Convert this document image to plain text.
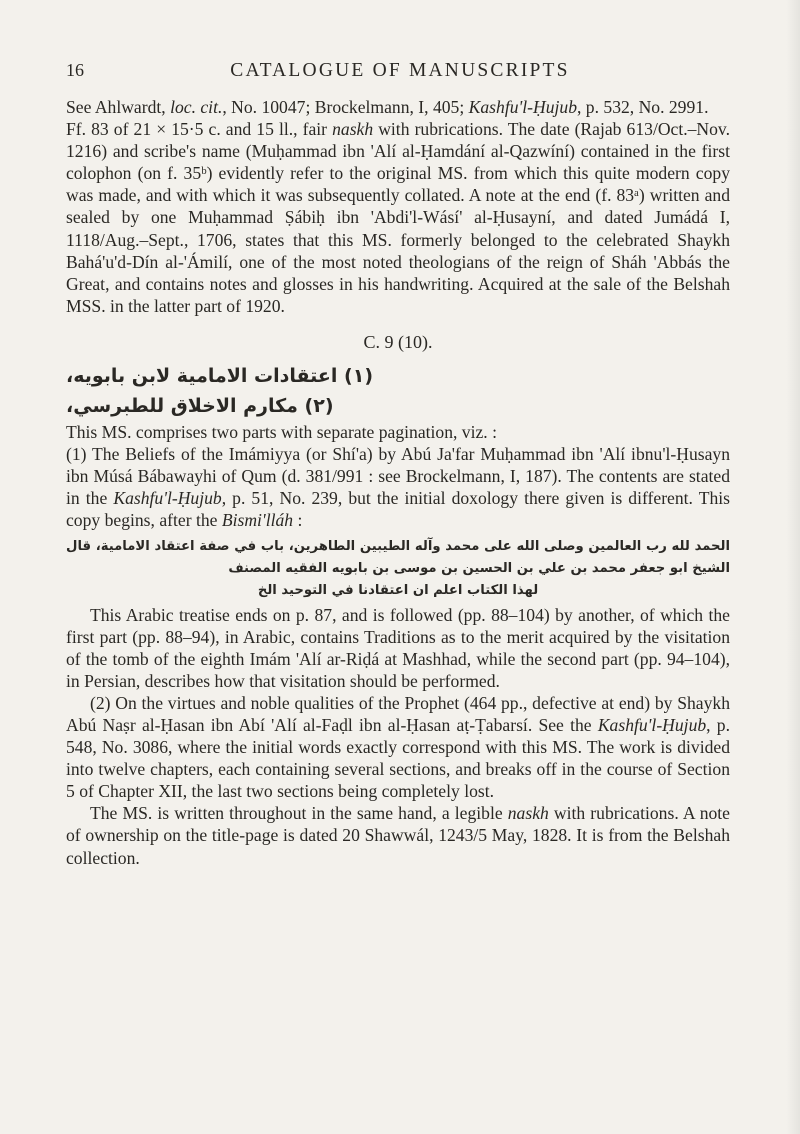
16	CATALOGUE OF MANUSCRIPTS

See Ahlwardt, loc. cit., No. 10047; Brockelmann, I, 405; Kashfu'l-Ḥujub, p. 532, No. 2991.

Ff. 83 of 21 × 15·5 c. and 15 ll., fair naskh with rubrications. The date (Rajab 613/Oct.–Nov. 1216) and scribe's name (Muḥammad ibn 'Alí al-Ḥamdání al-Qazwíní) contained in the first colophon (on f. 35ᵇ) evidently refer to the original MS. from which this quite modern copy was made, and with which it was subsequently collated. A note at the end (f. 83ᵃ) written and sealed by one Muḥammad Ṣábiḥ ibn 'Abdi'l-Wásí' al-Ḥusayní, and dated Jumádá I, 1118/Aug.–Sept., 1706, states that this MS. formerly belonged to the celebrated Shaykh Bahá'u'd-Dín al-'Ámilí, one of the most noted theologians of the reign of Sháh 'Abbás the Great, and contains notes and glosses in his handwriting. Acquired at the sale of the Belshah MSS. in the latter part of 1920.

C. 9 (10).

(١) اعتقادات الامامية لابن بابويه،

(٢) مكارم الاخلاق للطبرسي،

This MS. comprises two parts with separate pagination, viz. :

(1) The Beliefs of the Imámiyya (or Shí'a) by Abú Ja'far Muḥammad ibn 'Alí ibnu'l-Ḥusayn ibn Músá Bábawayhi of Qum (d. 381/991 : see Brockelmann, I, 187). The contents are stated in the Kashfu'l-Ḥujub, p. 51, No. 239, but the initial doxology there given is different. This copy begins, after the Bismi'lláh :

الحمد لله رب العالمين وصلى الله على محمد وآله الطيبين الطاهرين، باب في صفة اعتقاد الامامية، قال الشيخ ابو جعفر محمد بن علي بن الحسين بن موسى بن بابويه الفقيه المصنف
لهذا الكتاب اعلم ان اعتقادنا في التوحيد الخ

This Arabic treatise ends on p. 87, and is followed (pp. 88–104) by another, of which the first part (pp. 88–94), in Arabic, contains Traditions as to the merit acquired by the visitation of the tomb of the eighth Imám 'Alí ar-Riḍá at Mashhad, while the second part (pp. 94–104), in Persian, describes how that visitation should be performed.

(2) On the virtues and noble qualities of the Prophet (464 pp., defective at end) by Shaykh Abú Naṣr al-Ḥasan ibn Abí 'Alí al-Faḍl ibn al-Ḥasan aṭ-Ṭabarsí. See the Kashfu'l-Ḥujub, p. 548, No. 3086, where the initial words exactly correspond with this MS. The work is divided into twelve chapters, each containing several sections, and breaks off in the course of Section 5 of Chapter XII, the last two sections being completely lost.

The MS. is written throughout in the same hand, a legible naskh with rubrications. A note of ownership on the title-page is dated 20 Shawwál, 1243/5 May, 1828. It is from the Belshah collection.
